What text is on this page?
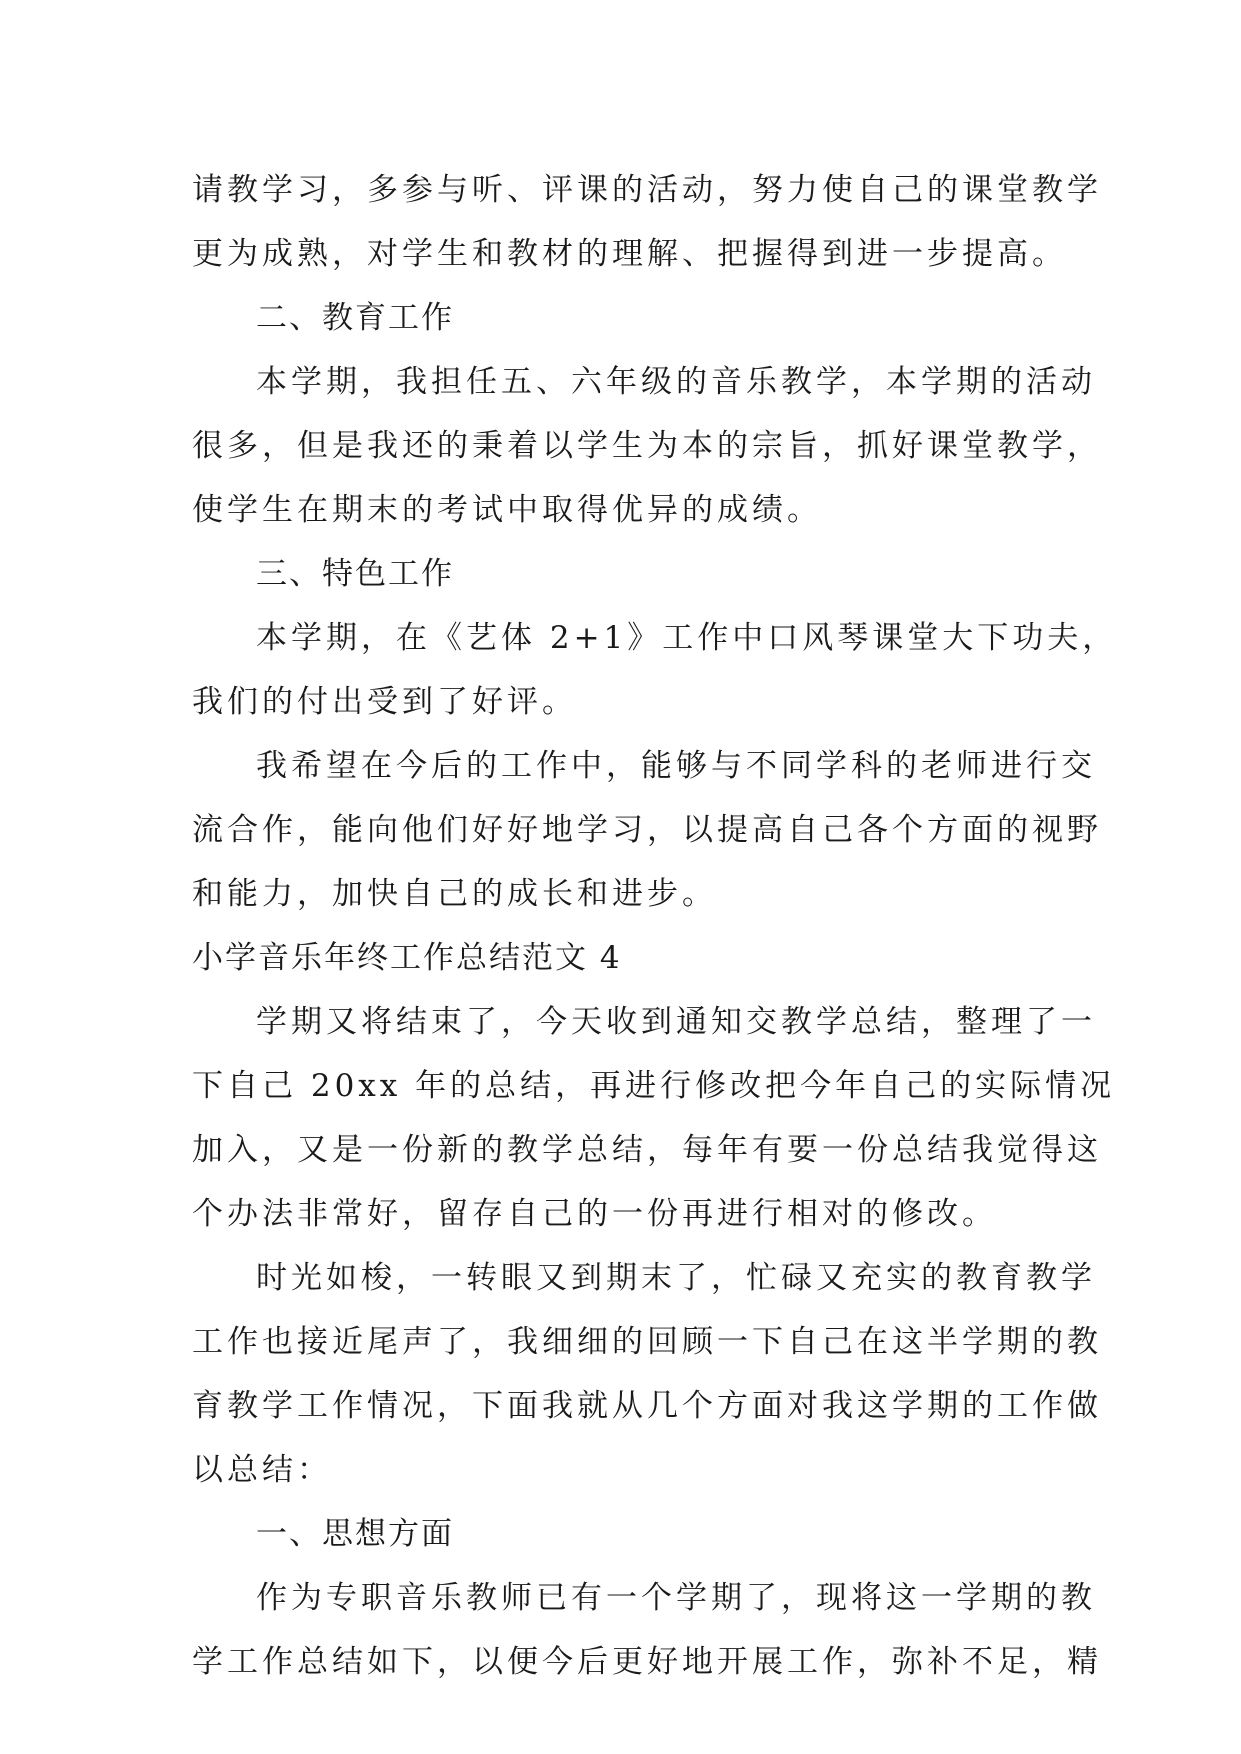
请教学习，多参与听、评课的活动，努力使自己的课堂教学
更为成熟，对学生和教材的理解、把握得到进一步提高。
二、教育工作
本学期，我担任五、六年级的音乐教学，本学期的活动
很多，但是我还的秉着以学生为本的宗旨，抓好课堂教学，
使学生在期末的考试中取得优异的成绩。
三、特色工作
本学期，在《艺体 2+1》工作中口风琴课堂大下功夫，
我们的付出受到了好评。
我希望在今后的工作中，能够与不同学科的老师进行交
流合作，能向他们好好地学习，以提高自己各个方面的视野
和能力，加快自己的成长和进步。
小学音乐年终工作总结范文 4
学期又将结束了，今天收到通知交教学总结，整理了一
下自己 20xx 年的总结，再进行修改把今年自己的实际情况
加入，又是一份新的教学总结，每年有要一份总结我觉得这
个办法非常好，留存自己的一份再进行相对的修改。
时光如梭，一转眼又到期末了，忙碌又充实的教育教学
工作也接近尾声了，我细细的回顾一下自己在这半学期的教
育教学工作情况，下面我就从几个方面对我这学期的工作做
以总结：
一、思想方面
作为专职音乐教师已有一个学期了，现将这一学期的教
学工作总结如下，以便今后更好地开展工作，弥补不足，精
